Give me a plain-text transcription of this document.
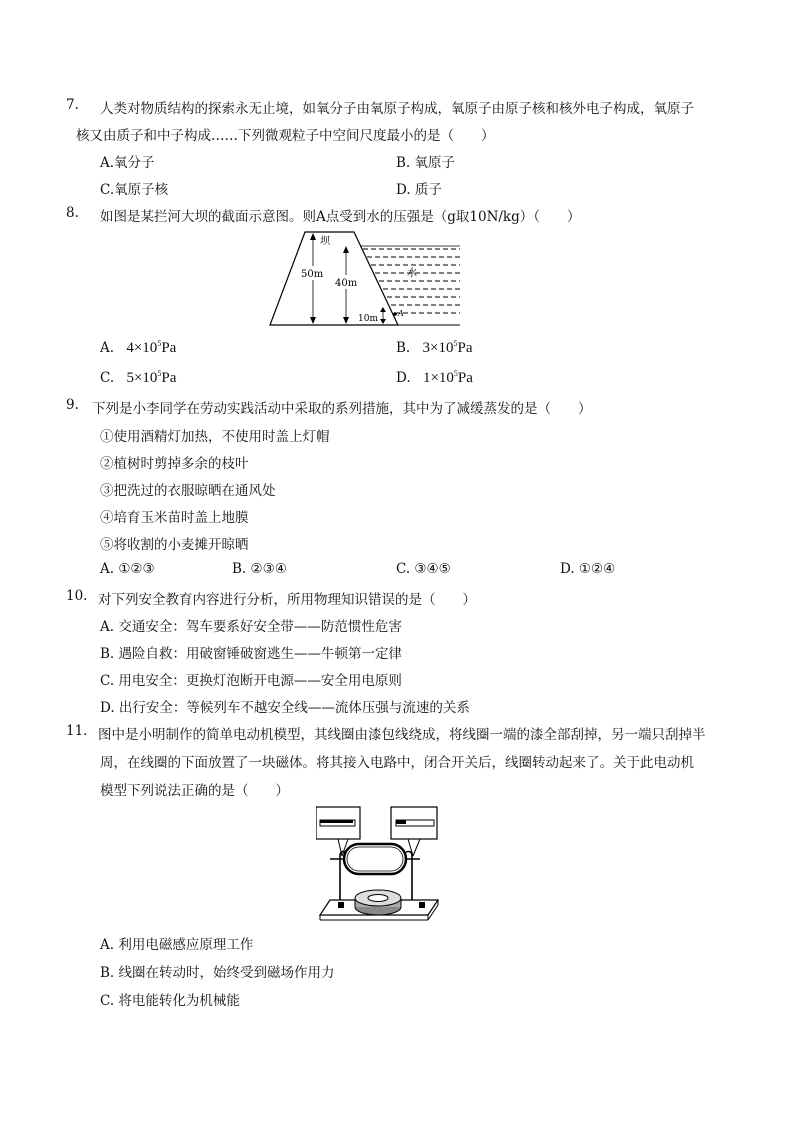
7. 人类对物质结构的探索永无止境，如氧分子由氧原子构成，氧原子由原子核和核外电子构成，氧原子
核又由质子和中子构成……下列微观粒子中空间尺度最小的是（　　）
A.氧分子	B. 氧原子
C.氧原子核	D. 质子
8. 如图是某拦河大坝的截面示意图。则A点受到水的压强是（g取10N/kg）（　　）
坝
水
50m
40m
10m
A
A. $4\times 10^5Pa$	B. $3\times 10^5Pa$
C. $5\times 10^5Pa$	D. $1\times 10^5Pa$
9. 下列是小李同学在劳动实践活动中采取的系列措施，其中为了减缓蒸发的是（　　）
①使用酒精灯加热，不使用时盖上灯帽
②植树时剪掉多余的枝叶
③把洗过的衣服晾晒在通风处
④培育玉米苗时盖上地膜
⑤将收割的小麦摊开晾晒
A. ①②③	B. ②③④	C. ③④⑤	D. ①②④
10. 对下列安全教育内容进行分析，所用物理知识错误的是（　　）
A. 交通安全：驾车要系好安全带——防范惯性危害
B. 遇险自救：用破窗锤破窗逃生——牛顿第一定律
C. 用电安全：更换灯泡断开电源——安全用电原则
D. 出行安全：等候列车不越安全线——流体压强与流速的关系
11. 图中是小明制作的简单电动机模型，其线圈由漆包线绕成，将线圈一端的漆全部刮掉，另一端只刮掉半
周，在线圈的下面放置了一块磁体。将其接入电路中，闭合开关后，线圈转动起来了。关于此电动机
模型下列说法正确的是（　　）
A. 利用电磁感应原理工作
B. 线圈在转动时，始终受到磁场作用力
C. 将电能转化为机械能
